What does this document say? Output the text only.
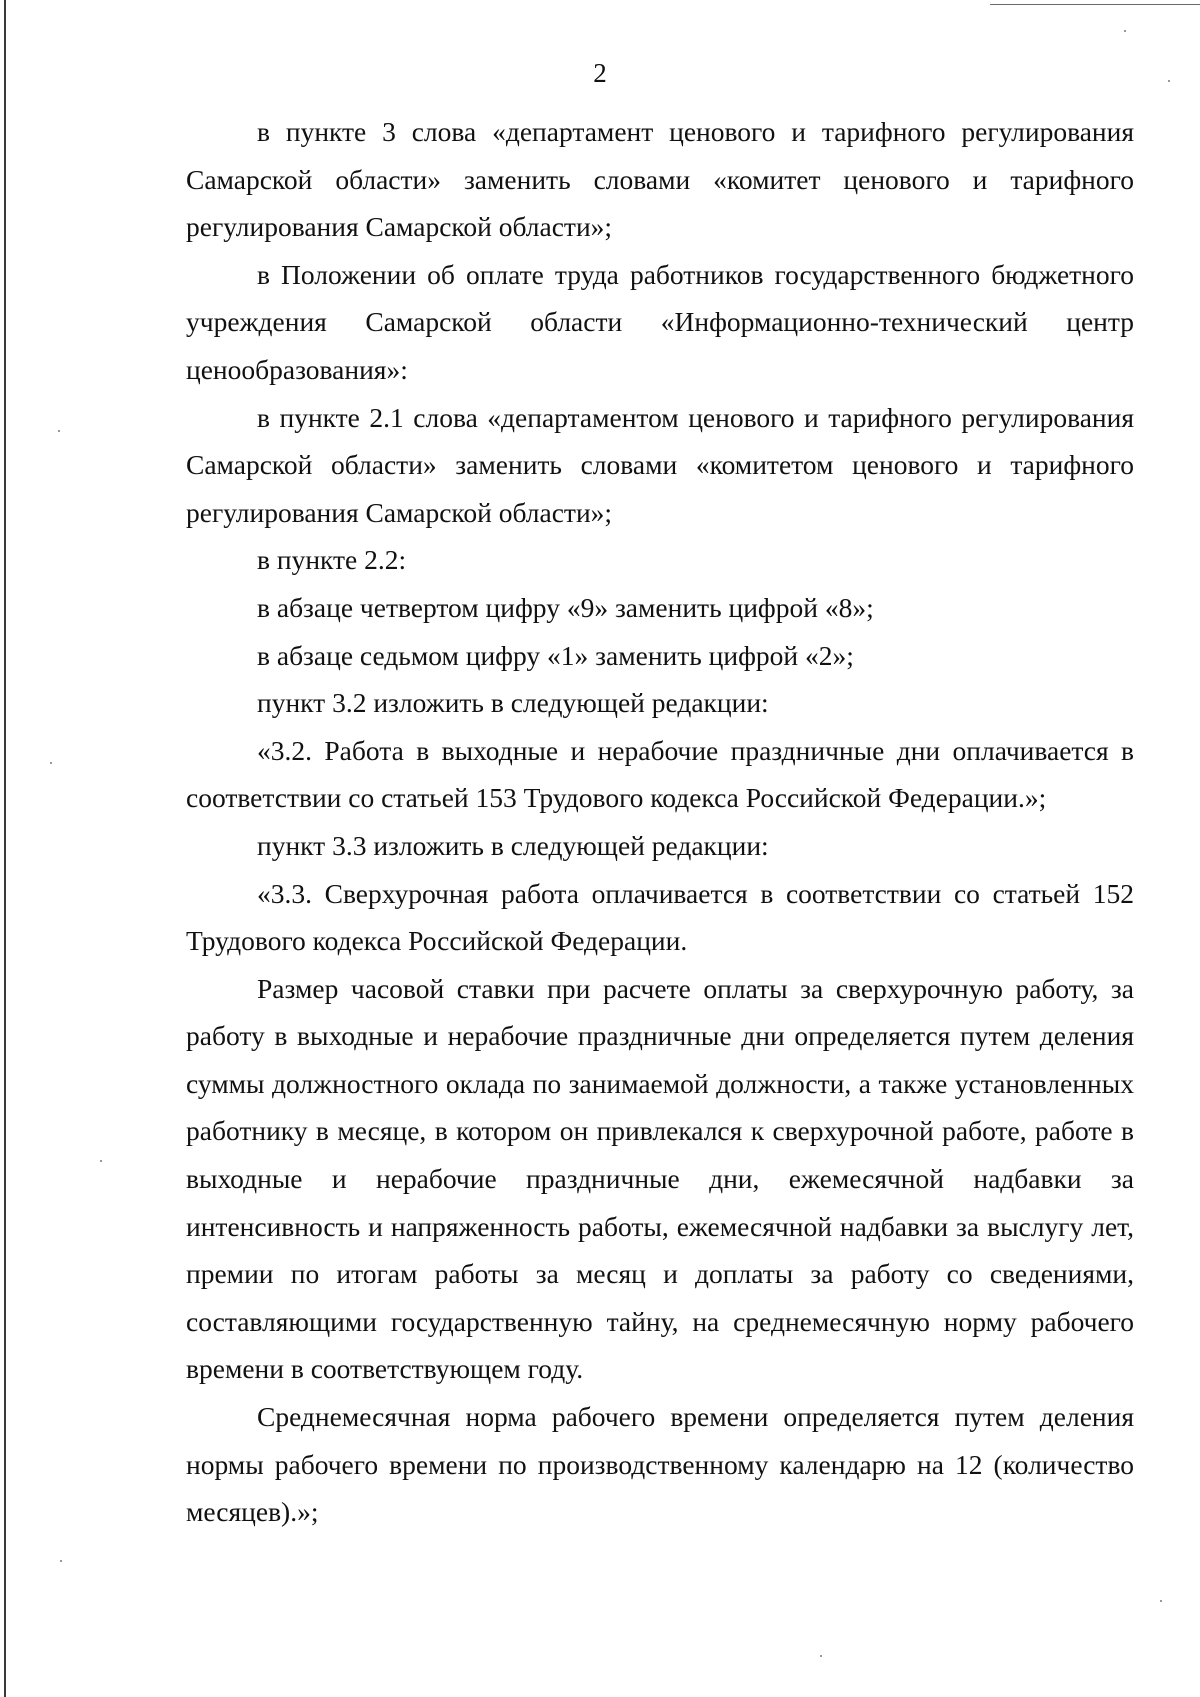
2

в пункте 3 слова «департамент ценового и тарифного регулирования Самарской области» заменить словами «комитет ценового и тарифного регулирования Самарской области»;

в Положении об оплате труда работников государственного бюджетного учреждения Самарской области «Информационно-технический центр ценообразования»:

в пункте 2.1 слова «департаментом ценового и тарифного регулирования Самарской области» заменить словами «комитетом ценового и тарифного регулирования Самарской области»;

в пункте 2.2:

в абзаце четвертом цифру «9» заменить цифрой «8»;

в абзаце седьмом цифру «1» заменить цифрой «2»;

пункт 3.2 изложить в следующей редакции:

«3.2. Работа в выходные и нерабочие праздничные дни оплачивается в соответствии со статьей 153 Трудового кодекса Российской Федерации.»;

пункт 3.3 изложить в следующей редакции:

«3.3. Сверхурочная работа оплачивается в соответствии со статьей 152 Трудового кодекса Российской Федерации.

Размер часовой ставки при расчете оплаты за сверхурочную работу, за работу в выходные и нерабочие праздничные дни определяется путем деления суммы должностного оклада по занимаемой должности, а также установленных работнику в месяце, в котором он привлекался к сверхурочной работе, работе в выходные и нерабочие праздничные дни, ежемесячной надбавки за интенсивность и напряженность работы, ежемесячной надбавки за выслугу лет, премии по итогам работы за месяц и доплаты за работу со сведениями, составляющими государственную тайну, на среднемесячную норму рабочего времени в соответствующем году.

Среднемесячная норма рабочего времени определяется путем деления нормы рабочего времени по производственному календарю на 12 (количество месяцев).»;
